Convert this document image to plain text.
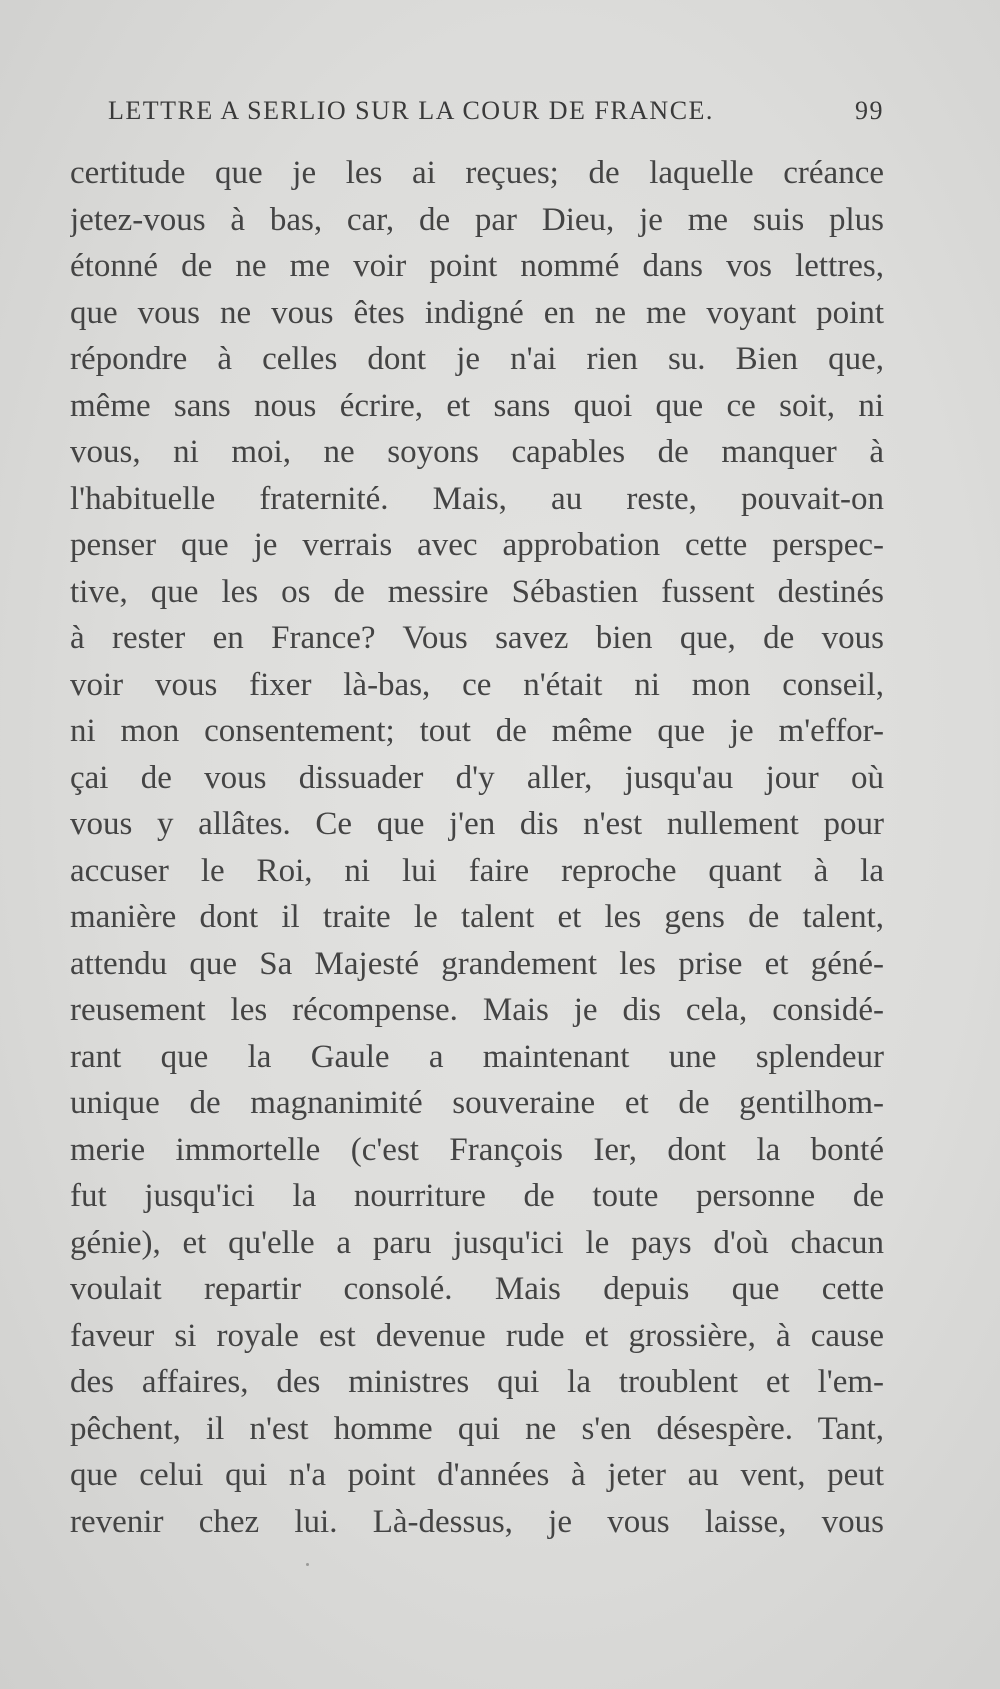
LETTRE A SERLIO SUR LA COUR DE FRANCE.	99
certitude que je les ai reçues; de laquelle créance
jetez-vous à bas, car, de par Dieu, je me suis plus
étonné de ne me voir point nommé dans vos lettres,
que vous ne vous êtes indigné en ne me voyant point
répondre à celles dont je n'ai rien su. Bien que,
même sans nous écrire, et sans quoi que ce soit, ni
vous, ni moi, ne soyons capables de manquer à
l'habituelle fraternité. Mais, au reste, pouvait-on
penser que je verrais avec approbation cette perspec-
tive, que les os de messire Sébastien fussent destinés
à rester en France? Vous savez bien que, de vous
voir vous fixer là-bas, ce n'était ni mon conseil,
ni mon consentement; tout de même que je m'effor-
çai de vous dissuader d'y aller, jusqu'au jour où
vous y allâtes. Ce que j'en dis n'est nullement pour
accuser le Roi, ni lui faire reproche quant à la
manière dont il traite le talent et les gens de talent,
attendu que Sa Majesté grandement les prise et géné-
reusement les récompense. Mais je dis cela, considé-
rant que la Gaule a maintenant une splendeur
unique de magnanimité souveraine et de gentilhom-
merie immortelle (c'est François Ier, dont la bonté
fut jusqu'ici la nourriture de toute personne de
génie), et qu'elle a paru jusqu'ici le pays d'où chacun
voulait repartir consolé. Mais depuis que cette
faveur si royale est devenue rude et grossière, à cause
des affaires, des ministres qui la troublent et l'em-
pêchent, il n'est homme qui ne s'en désespère. Tant,
que celui qui n'a point d'années à jeter au vent, peut
revenir chez lui. Là-dessus, je vous laisse, vous
